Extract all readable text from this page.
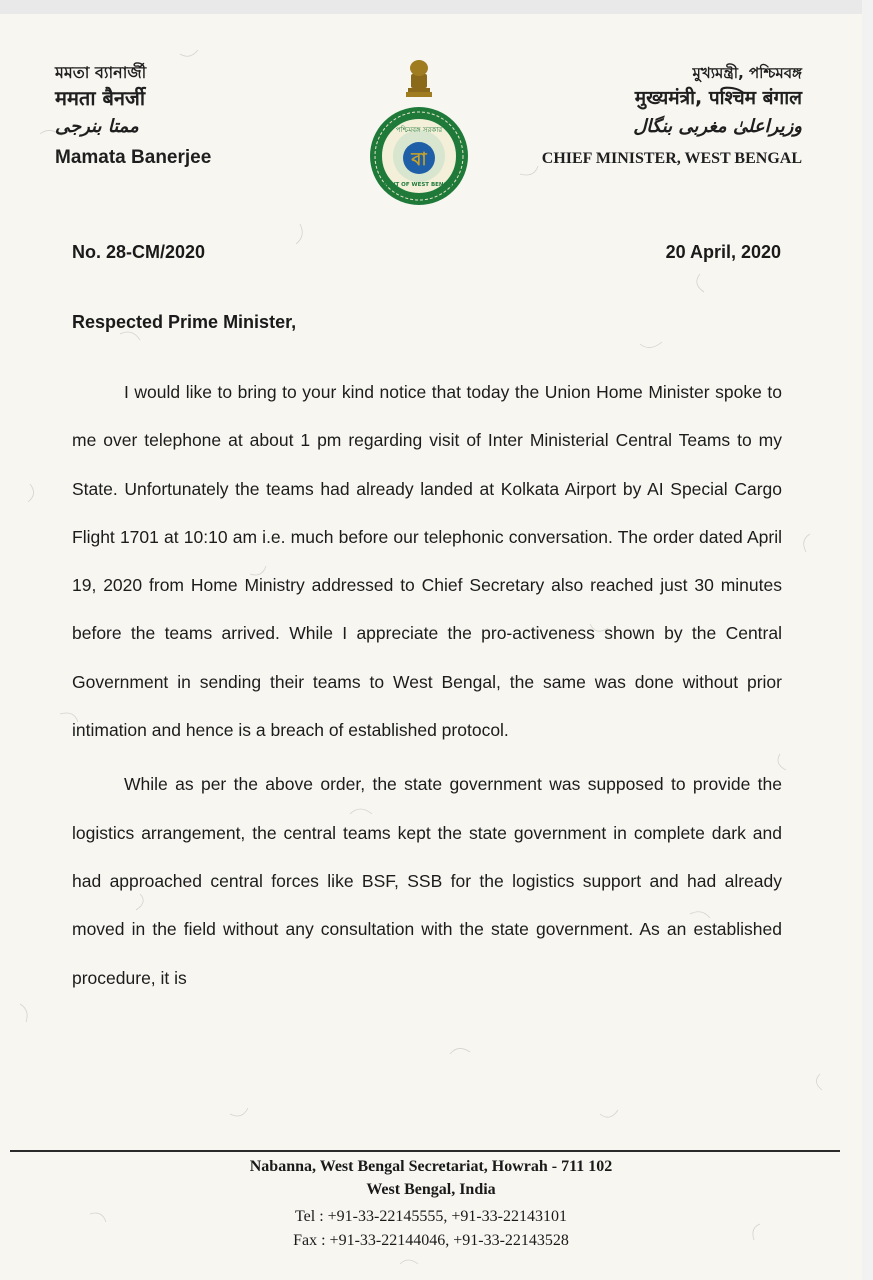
মমতা ব্যানার্জী
ममता बैनर्जी
ممتا بنرجی
Mamata Banerjee
পশ্চিমবঙ্গ সরকার
GOVT OF WEST BENGAL
বা
মুখ্যমন্ত্রী, পশ্চিমবঙ্গ
मुख्यमंत्री, पश्चिम बंगाल
وزیراعلیٰ مغربی بنگال
CHIEF MINISTER, WEST BENGAL
No. 28-CM/2020	20 April, 2020
Respected Prime Minister,

I would like to bring to your kind notice that today the Union Home Minister spoke to me over telephone at about 1 pm regarding visit of Inter Ministerial Central Teams to my State. Unfortunately the teams had already landed at Kolkata Airport by AI Special Cargo Flight 1701 at 10:10 am i.e. much before our telephonic conversation. The order dated April 19, 2020 from Home Ministry addressed to Chief Secretary also reached just 30 minutes before the teams arrived. While I appreciate the pro-activeness shown by the Central Government in sending their teams to West Bengal, the same was done without prior intimation and hence is a breach of established protocol.

While as per the above order, the state government was supposed to provide the logistics arrangement, the central teams kept the state government in complete dark and had approached central forces like BSF, SSB for the logistics support and had already moved in the field without any consultation with the state government. As an established procedure, it is

Nabanna, West Bengal Secretariat, Howrah - 711 102
West Bengal, India
Tel : +91-33-22145555, +91-33-22143101
Fax : +91-33-22144046, +91-33-22143528
